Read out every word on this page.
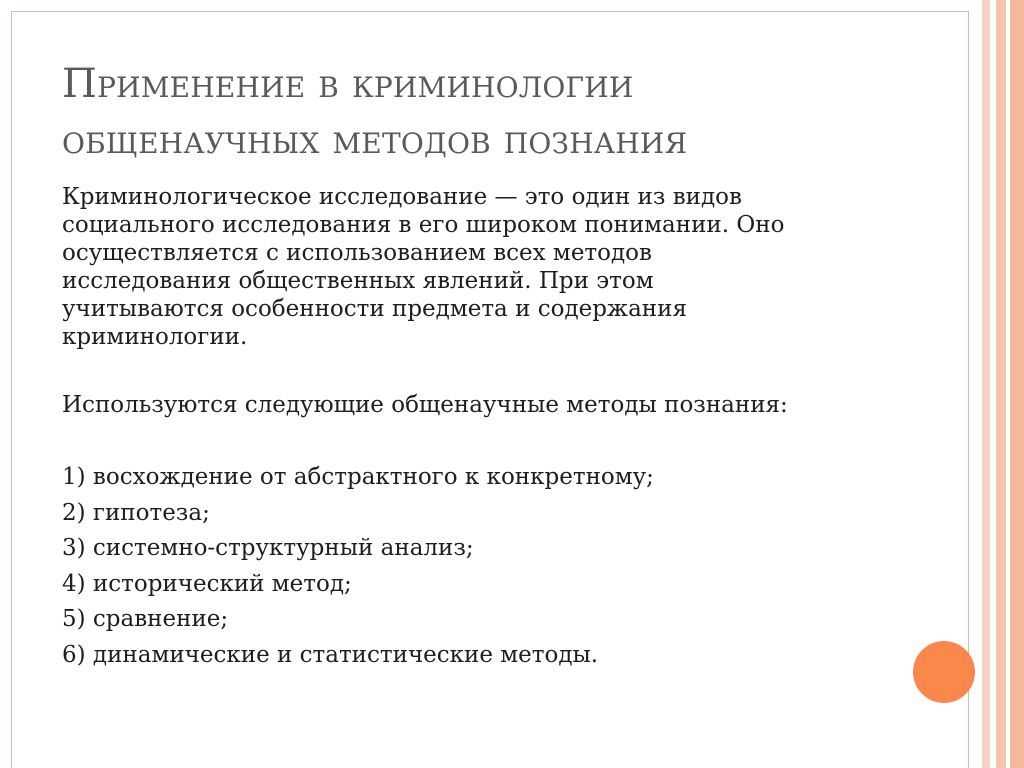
Применение в криминологии
общенаучных методов познания
Криминологическое исследование — это один из видов
социального исследования в его широком понимании. Оно
осуществляется с использованием всех методов
исследования общественных явлений. При этом
учитываются особенности предмета и содержания
криминологии.
Используются следующие общенаучные методы познания:
1) восхождение от абстрактного к конкретному;
2) гипотеза;
3) системно-структурный анализ;
4) исторический метод;
5) сравнение;
6) динамические и статистические методы.
